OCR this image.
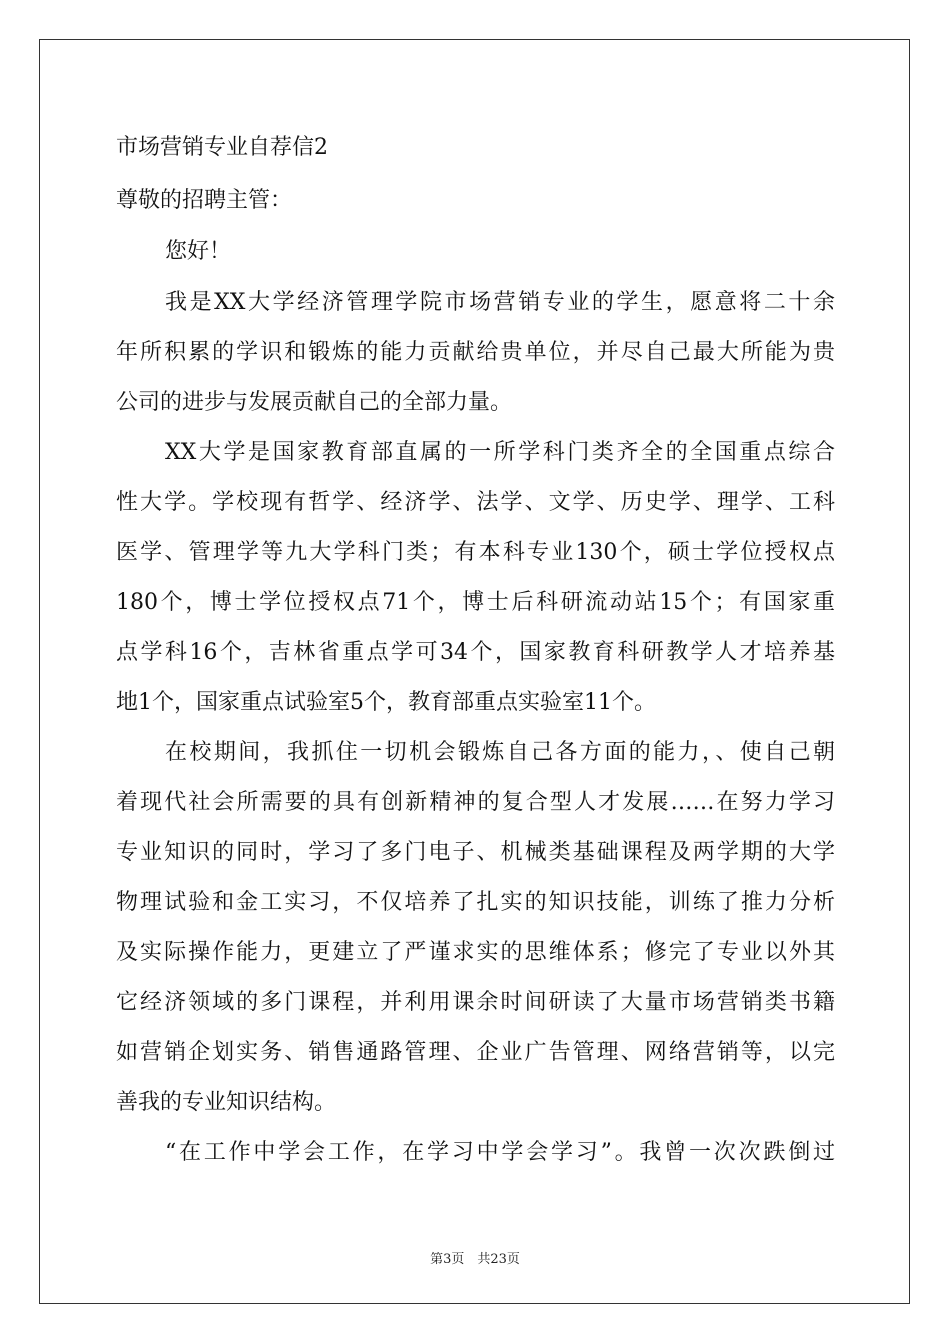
市场营销专业自荐信2
尊敬的招聘主管：
您好！
我是XX大学经济管理学院市场营销专业的学生，愿意将二十余
年所积累的学识和锻炼的能力贡献给贵单位，并尽自己最大所能为贵
公司的进步与发展贡献自己的全部力量。
XX大学是国家教育部直属的一所学科门类齐全的全国重点综合
性大学。学校现有哲学、经济学、法学、文学、历史学、理学、工科
医学、管理学等九大学科门类；有本科专业130个，硕士学位授权点
180个，博士学位授权点71个，博士后科研流动站15个；有国家重
点学科16个，吉林省重点学可34个，国家教育科研教学人才培养基
地1个，国家重点试验室5个，教育部重点实验室11个。
在校期间，我抓住一切机会锻炼自己各方面的能力，、使自己朝
着现代社会所需要的具有创新精神的复合型人才发展……在努力学习
专业知识的同时，学习了多门电子、机械类基础课程及两学期的大学
物理试验和金工实习，不仅培养了扎实的知识技能，训练了推力分析
及实际操作能力，更建立了严谨求实的思维体系；修完了专业以外其
它经济领域的多门课程，并利用课余时间研读了大量市场营销类书籍
如营销企划实务、销售通路管理、企业广告管理、网络营销等，以完
善我的专业知识结构。
“在工作中学会工作，在学习中学会学习”。我曾一次次跌倒过
第3页　共23页
